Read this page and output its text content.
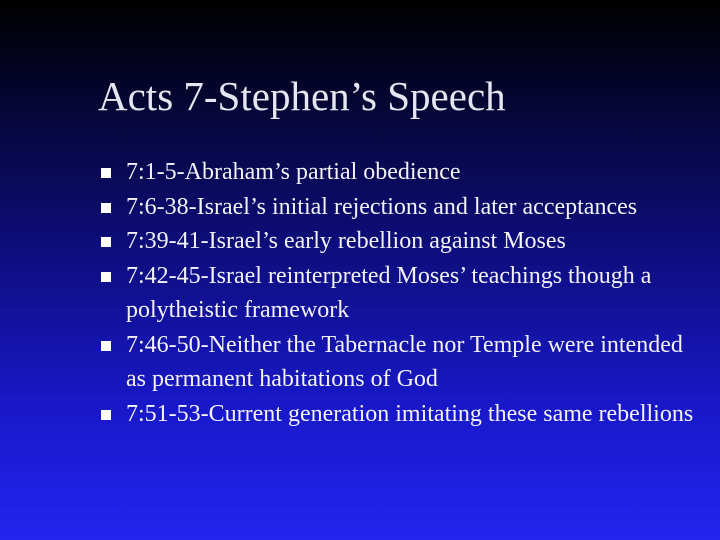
Acts 7-Stephen’s Speech
7:1-5-Abraham’s partial obedience
7:6-38-Israel’s initial rejections and later acceptances
7:39-41-Israel’s early rebellion against Moses
7:42-45-Israel reinterpreted Moses’ teachings though a polytheistic framework
7:46-50-Neither the Tabernacle nor Temple were intended as permanent habitations of God
7:51-53-Current generation imitating these same rebellions
